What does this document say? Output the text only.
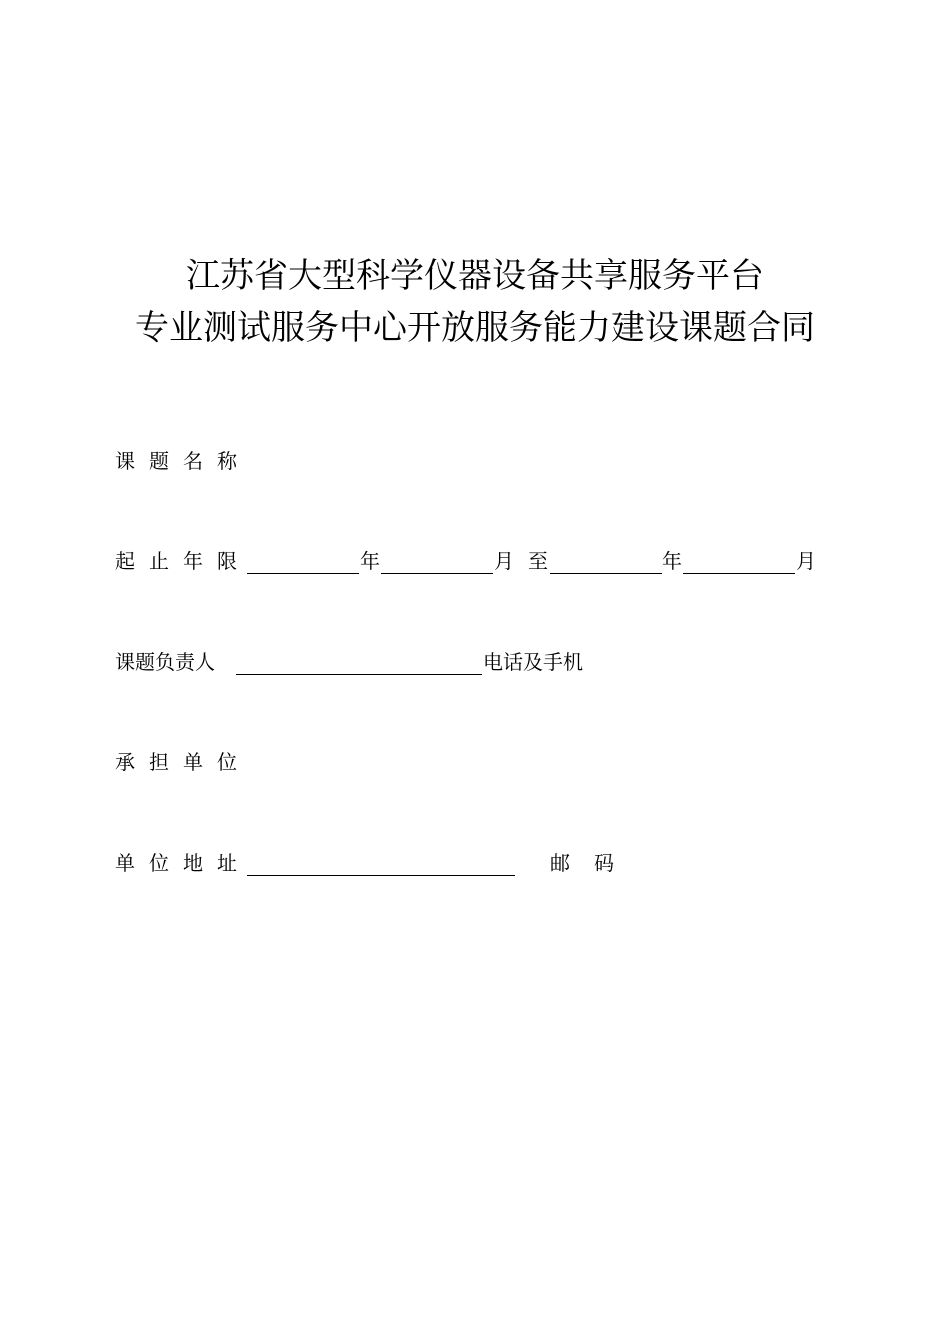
江苏省大型科学仪器设备共享服务平台
专业测试服务中心开放服务能力建设课题合同
课题名称
起止年限	年	月 至	年	月
课题负责人	电话及手机
承担单位
单位地址	邮码
